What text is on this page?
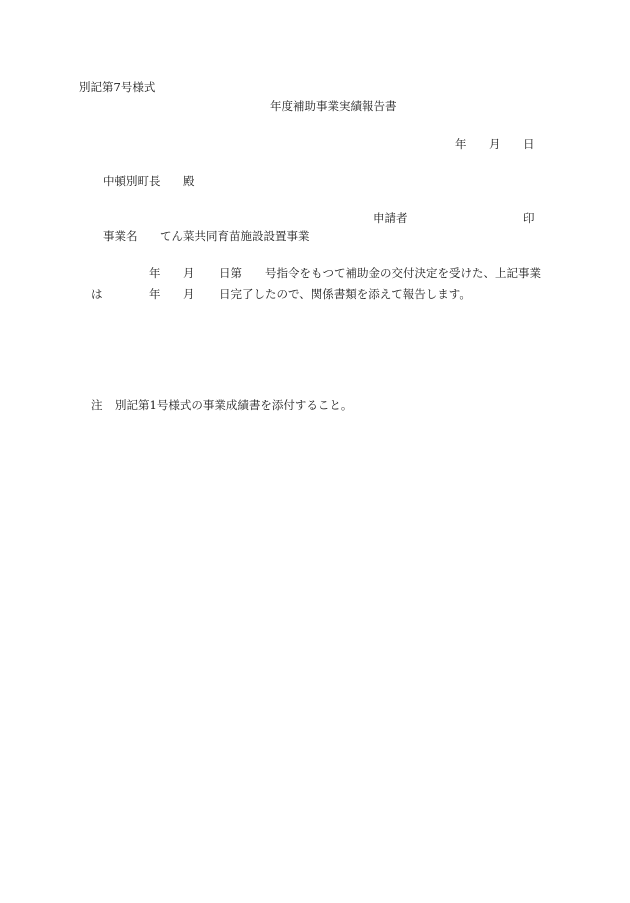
別記第7号様式
年度補助事業実績報告書
年 月 日
中頓別町長 殿
申請者	印
事業名 てん菜共同育苗施設設置事業
年 月 日第 号指令をもつて補助金の交付決定を受けた、上記事業
は	年 月 日完了したので、関係書類を添えて報告します。
注 別記第1号様式の事業成績書を添付すること。
